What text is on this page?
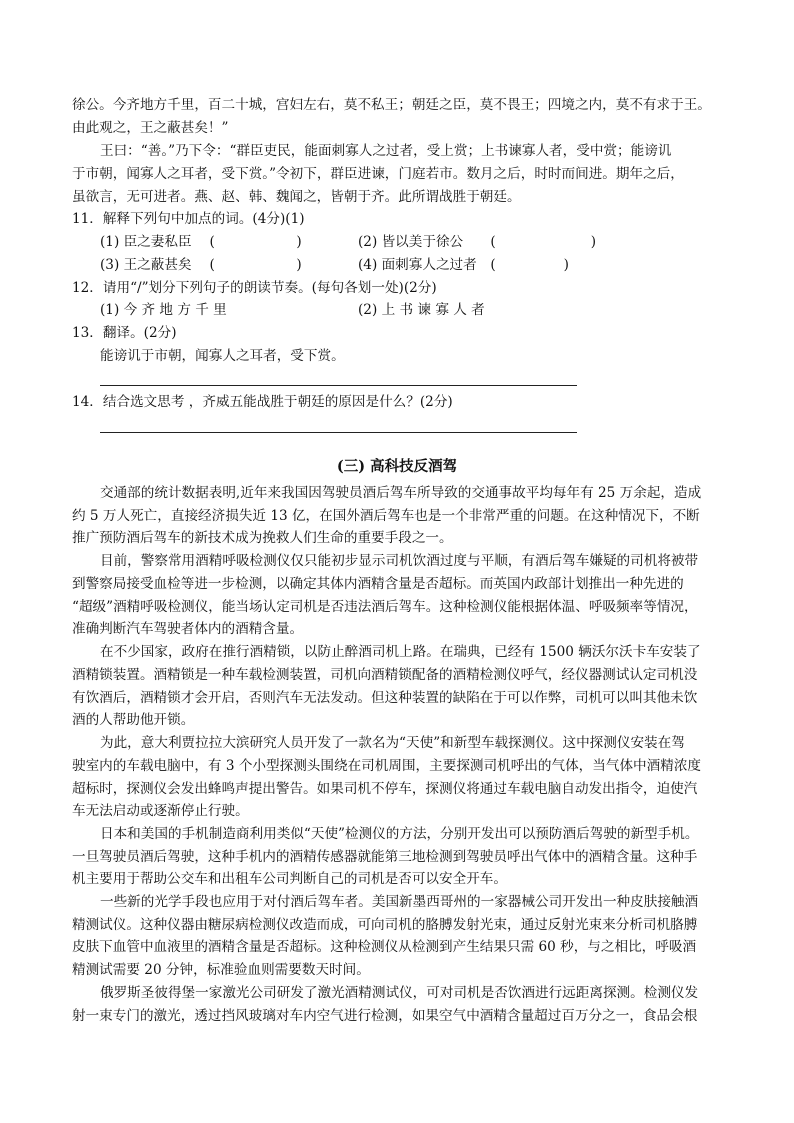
徐公。今齐地方千里，百二十城，宫妇左右，莫不私王；朝廷之臣，莫不畏王；四境之内，莫不有求于王。
由此观之，王之蔽甚矣！”
王曰：“善。”乃下令：“群臣吏民，能面刺寡人之过者，受上赏；上书谏寡人者，受中赏；能谤讥
于市朝，闻寡人之耳者，受下赏。”令初下，群臣进谏，门庭若市。数月之后，时时而间进。期年之后，
虽欲言，无可进者。燕、赵、韩、魏闻之，皆朝于齐。此所谓战胜于朝廷。
11．解释下列句中加点的词。(4分)(1)
(1) 臣之妻私臣　 (　　　　　　)	(2) 皆以美于徐公　　(　　　　　　　)
(3) 王之蔽甚矣　 (　　　　　　)	(4) 面刺寡人之过者　(　　　　　)
12．请用“/”划分下列句子的朗读节奏。(每句各划一处)(2分)
(1) 今 齐 地 方 千 里	(2) 上 书 谏 寡 人 者
13．翻译。(2分)
能谤讥于市朝，闻寡人之耳者，受下赏。
14．结合选文思考 ，齐威五能战胜于朝廷的原因是什么？(2分)
(三) 高科技反酒驾
交通部的统计数据表明,近年来我国因驾驶员酒后驾车所导致的交通事故平均每年有 25 万余起，造成
约 5 万人死亡，直接经济损失近 13 亿，在国外酒后驾车也是一个非常严重的问题。在这种情况下，不断
推广预防酒后驾车的新技术成为挽救人们生命的重要手段之一。
目前，警察常用酒精呼吸检测仪仅只能初步显示司机饮酒过度与平顺，有酒后驾车嫌疑的司机将被带
到警察局接受血检等进一步检测，以确定其体内酒精含量是否超标。而英国内政部计划推出一种先进的
“超级”酒精呼吸检测仪，能当场认定司机是否违法酒后驾车。这种检测仪能根据体温、呼吸频率等情况，
准确判断汽车驾驶者体内的酒精含量。
在不少国家，政府在推行酒精锁，以防止醉酒司机上路。在瑞典，已经有 1500 辆沃尔沃卡车安装了
酒精锁装置。酒精锁是一种车载检测装置，司机向酒精锁配备的酒精检测仪呼气，经仪器测试认定司机没
有饮酒后，酒精锁才会开启，否则汽车无法发动。但这种装置的缺陷在于可以作弊，司机可以叫其他未饮
酒的人帮助他开锁。
为此，意大利贾拉拉大滨研究人员开发了一款名为“天使”和新型车载探测仪。这中探测仪安装在驾
驶室内的车载电脑中，有 3 个小型探测头围绕在司机周围，主要探测司机呼出的气体，当气体中酒精浓度
超标时，探测仪会发出蜂鸣声提出警告。如果司机不停车，探测仪将通过车载电脑自动发出指令，迫使汽
车无法启动或逐渐停止行驶。
日本和美国的手机制造商利用类似“天使”检测仪的方法，分别开发出可以预防酒后驾驶的新型手机。
一旦驾驶员酒后驾驶，这种手机内的酒精传感器就能第三地检测到驾驶员呼出气体中的酒精含量。这种手
机主要用于帮助公交车和出租车公司判断自己的司机是否可以安全开车。
一些新的光学手段也应用于对付酒后驾车者。美国新墨西哥州的一家器械公司开发出一种皮肤接触酒
精测试仪。这种仪器由糖尿病检测仪改造而成，可向司机的胳膊发射光束，通过反射光束来分析司机胳膊
皮肤下血管中血液里的酒精含量是否超标。这种检测仪从检测到产生结果只需 60 秒，与之相比，呼吸酒
精测试需要 20 分钟，标准验血则需要数天时间。
俄罗斯圣彼得堡一家激光公司研发了激光酒精测试仪，可对司机是否饮酒进行远距离探测。检测仪发
射一束专门的激光，透过挡风玻璃对车内空气进行检测，如果空气中酒精含量超过百万分之一，食品会根
